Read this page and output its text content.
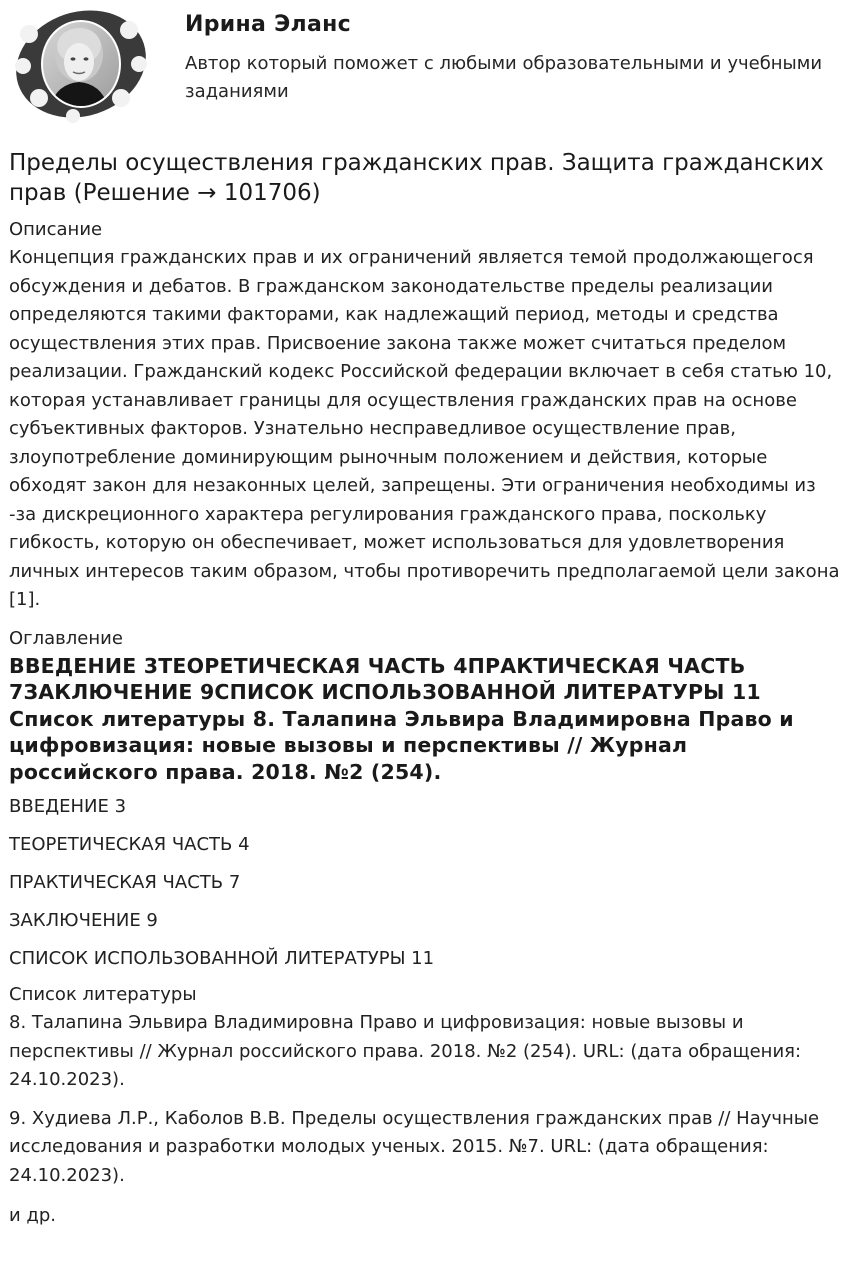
Ирина Эланс
Автор который поможет с любыми образовательными и учебными заданиями
Пределы осуществления гражданских прав. Защита гражданских прав (Решение → 101706)
Описание
Концепция гражданских прав и их ограничений является темой продолжающегося обсуждения и дебатов. В гражданском законодательстве пределы реализации определяются такими факторами, как надлежащий период, методы и средства осуществления этих прав. Присвоение закона также может считаться пределом реализации. Гражданский кодекс Российской федерации включает в себя статью 10, которая устанавливает границы для осуществления гражданских прав на основе субъективных факторов. Узнательно несправедливое осуществление прав, злоупотребление доминирующим рыночным положением и действия, которые обходят закон для незаконных целей, запрещены. Эти ограничения необходимы из -за дискреционного характера регулирования гражданского права, поскольку гибкость, которую он обеспечивает, может использоваться для удовлетворения личных интересов таким образом, чтобы противоречить предполагаемой цели закона [1].
Оглавление
ВВЕДЕНИЕ 3ТЕОРЕТИЧЕСКАЯ ЧАСТЬ 4ПРАКТИЧЕСКАЯ ЧАСТЬ 7ЗАКЛЮЧЕНИЕ 9СПИСОК ИСПОЛЬЗОВАННОЙ ЛИТЕРАТУРЫ 11 Список литературы 8. Талапина Эльвира Владимировна Право и цифровизация: новые вызовы и перспективы // Журнал российского права. 2018. №2 (254).
ВВЕДЕНИЕ 3
ТЕОРЕТИЧЕСКАЯ ЧАСТЬ 4
ПРАКТИЧЕСКАЯ ЧАСТЬ 7
ЗАКЛЮЧЕНИЕ 9
СПИСОК ИСПОЛЬЗОВАННОЙ ЛИТЕРАТУРЫ 11
Список литературы
8. Талапина Эльвира Владимировна Право и цифровизация: новые вызовы и перспективы // Журнал российского права. 2018. №2 (254). URL: (дата обращения: 24.10.2023).
9. Худиева Л.Р., Каболов В.В. Пределы осуществления гражданских прав // Научные исследования и разработки молодых ученых. 2015. №7. URL: (дата обращения: 24.10.2023).
и др.
